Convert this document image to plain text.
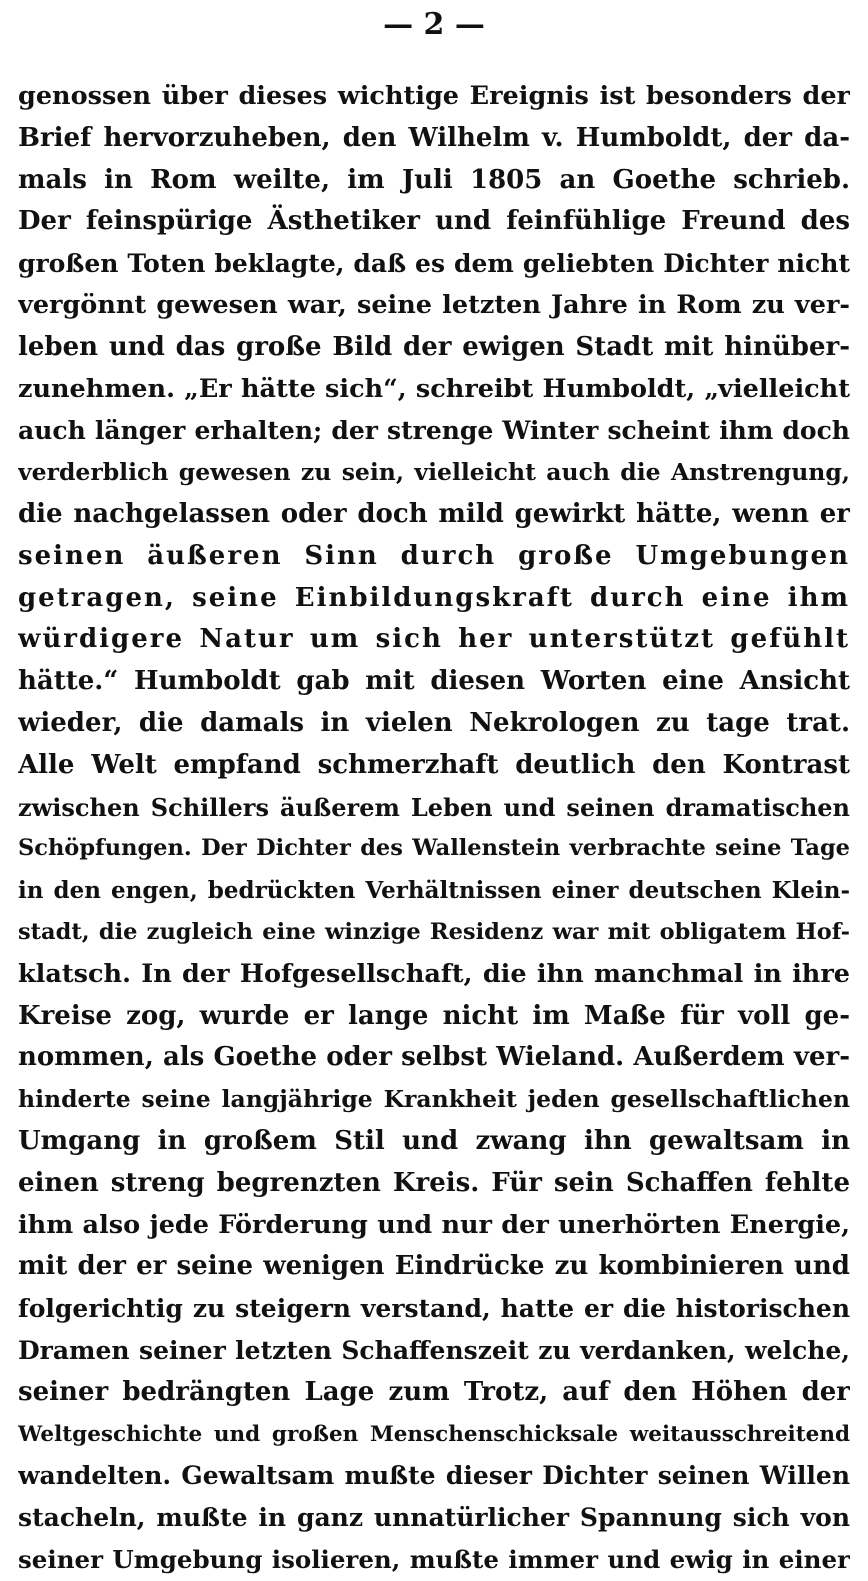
— 2 —
genossen über dieses wichtige Ereignis ist besonders der
Brief hervorzuheben, den Wilhelm v. Humboldt, der da-
mals in Rom weilte, im Juli 1805 an Goethe schrieb.
Der feinspürige Ästhetiker und feinfühlige Freund des
großen Toten beklagte, daß es dem geliebten Dichter nicht
vergönnt gewesen war, seine letzten Jahre in Rom zu ver-
leben und das große Bild der ewigen Stadt mit hinüber-
zunehmen. „Er hätte sich“, schreibt Humboldt, „vielleicht
auch länger erhalten; der strenge Winter scheint ihm doch
verderblich gewesen zu sein, vielleicht auch die Anstrengung,
die nachgelassen oder doch mild gewirkt hätte, wenn er
seinen äußeren Sinn durch große Umgebungen
getragen, seine Einbildungskraft durch eine ihm
würdigere Natur um sich her unterstützt gefühlt
hätte.“ Humboldt gab mit diesen Worten eine Ansicht
wieder, die damals in vielen Nekrologen zu tage trat.
Alle Welt empfand schmerzhaft deutlich den Kontrast
zwischen Schillers äußerem Leben und seinen dramatischen
Schöpfungen. Der Dichter des Wallenstein verbrachte seine Tage
in den engen, bedrückten Verhältnissen einer deutschen Klein-
stadt, die zugleich eine winzige Residenz war mit obligatem Hof-
klatsch. In der Hofgesellschaft, die ihn manchmal in ihre
Kreise zog, wurde er lange nicht im Maße für voll ge-
nommen, als Goethe oder selbst Wieland. Außerdem ver-
hinderte seine langjährige Krankheit jeden gesellschaftlichen
Umgang in großem Stil und zwang ihn gewaltsam in
einen streng begrenzten Kreis. Für sein Schaffen fehlte
ihm also jede Förderung und nur der unerhörten Energie,
mit der er seine wenigen Eindrücke zu kombinieren und
folgerichtig zu steigern verstand, hatte er die historischen
Dramen seiner letzten Schaffenszeit zu verdanken, welche,
seiner bedrängten Lage zum Trotz, auf den Höhen der
Weltgeschichte und großen Menschenschicksale weitausschreitend
wandelten. Gewaltsam mußte dieser Dichter seinen Willen
stacheln, mußte in ganz unnatürlicher Spannung sich von
seiner Umgebung isolieren, mußte immer und ewig in einer
